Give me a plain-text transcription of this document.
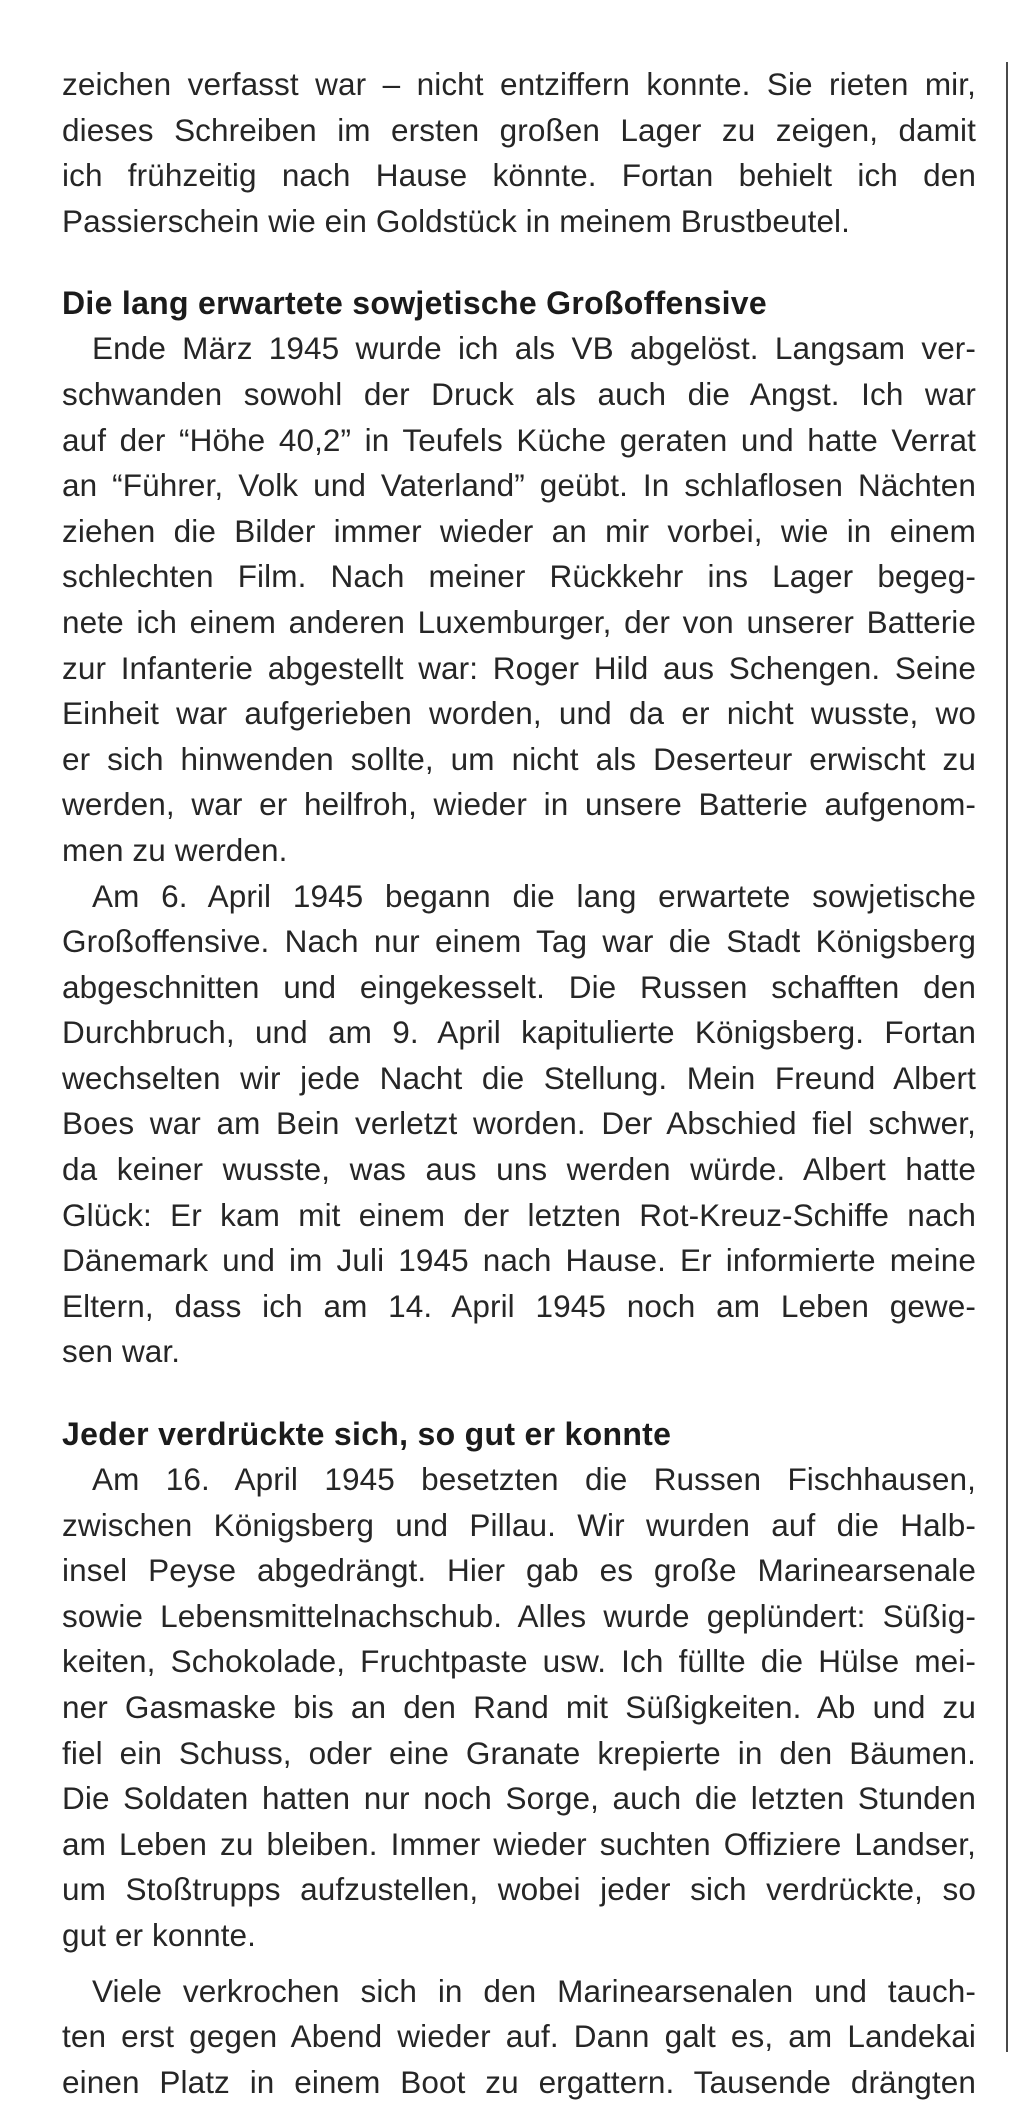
zeichen verfasst war – nicht entziffern konnte. Sie rieten mir,
dieses Schreiben im ersten großen Lager zu zeigen, damit
ich frühzeitig nach Hause könnte. Fortan behielt ich den
Passierschein wie ein Goldstück in meinem Brustbeutel.
Die lang erwartete sowjetische Großoffensive
Ende März 1945 wurde ich als VB abgelöst. Langsam ver-
schwanden sowohl der Druck als auch die Angst. Ich war
auf der “Höhe 40,2” in Teufels Küche geraten und hatte Verrat
an “Führer, Volk und Vaterland” geübt. In schlaflosen Nächten
ziehen die Bilder immer wieder an mir vorbei, wie in einem
schlechten Film. Nach meiner Rückkehr ins Lager begeg-
nete ich einem anderen Luxemburger, der von unserer Batterie
zur Infanterie abgestellt war: Roger Hild aus Schengen. Seine
Einheit war aufgerieben worden, und da er nicht wusste, wo
er sich hinwenden sollte, um nicht als Deserteur erwischt zu
werden, war er heilfroh, wieder in unsere Batterie aufgenom-
men zu werden.
Am 6. April 1945 begann die lang erwartete sowjetische
Großoffensive. Nach nur einem Tag war die Stadt Königsberg
abgeschnitten und eingekesselt. Die Russen schafften den
Durchbruch, und am 9. April kapitulierte Königsberg. Fortan
wechselten wir jede Nacht die Stellung. Mein Freund Albert
Boes war am Bein verletzt worden. Der Abschied fiel schwer,
da keiner wusste, was aus uns werden würde. Albert hatte
Glück: Er kam mit einem der letzten Rot-Kreuz-Schiffe nach
Dänemark und im Juli 1945 nach Hause. Er informierte meine
Eltern, dass ich am 14. April 1945 noch am Leben gewe-
sen war.
Jeder verdrückte sich, so gut er konnte
Am 16. April 1945 besetzten die Russen Fischhausen,
zwischen Königsberg und Pillau. Wir wurden auf die Halb-
insel Peyse abgedrängt. Hier gab es große Marinearsenale
sowie Lebensmittelnachschub. Alles wurde geplündert: Süßig-
keiten, Schokolade, Fruchtpaste usw. Ich füllte die Hülse mei-
ner Gasmaske bis an den Rand mit Süßigkeiten. Ab und zu
fiel ein Schuss, oder eine Granate krepierte in den Bäumen.
Die Soldaten hatten nur noch Sorge, auch die letzten Stunden
am Leben zu bleiben. Immer wieder suchten Offiziere Landser,
um Stoßtrupps aufzustellen, wobei jeder sich verdrückte, so
gut er konnte.
Viele verkrochen sich in den Marinearsenalen und tauch-
ten erst gegen Abend wieder auf. Dann galt es, am Landekai
einen Platz in einem Boot zu ergattern. Tausende drängten
